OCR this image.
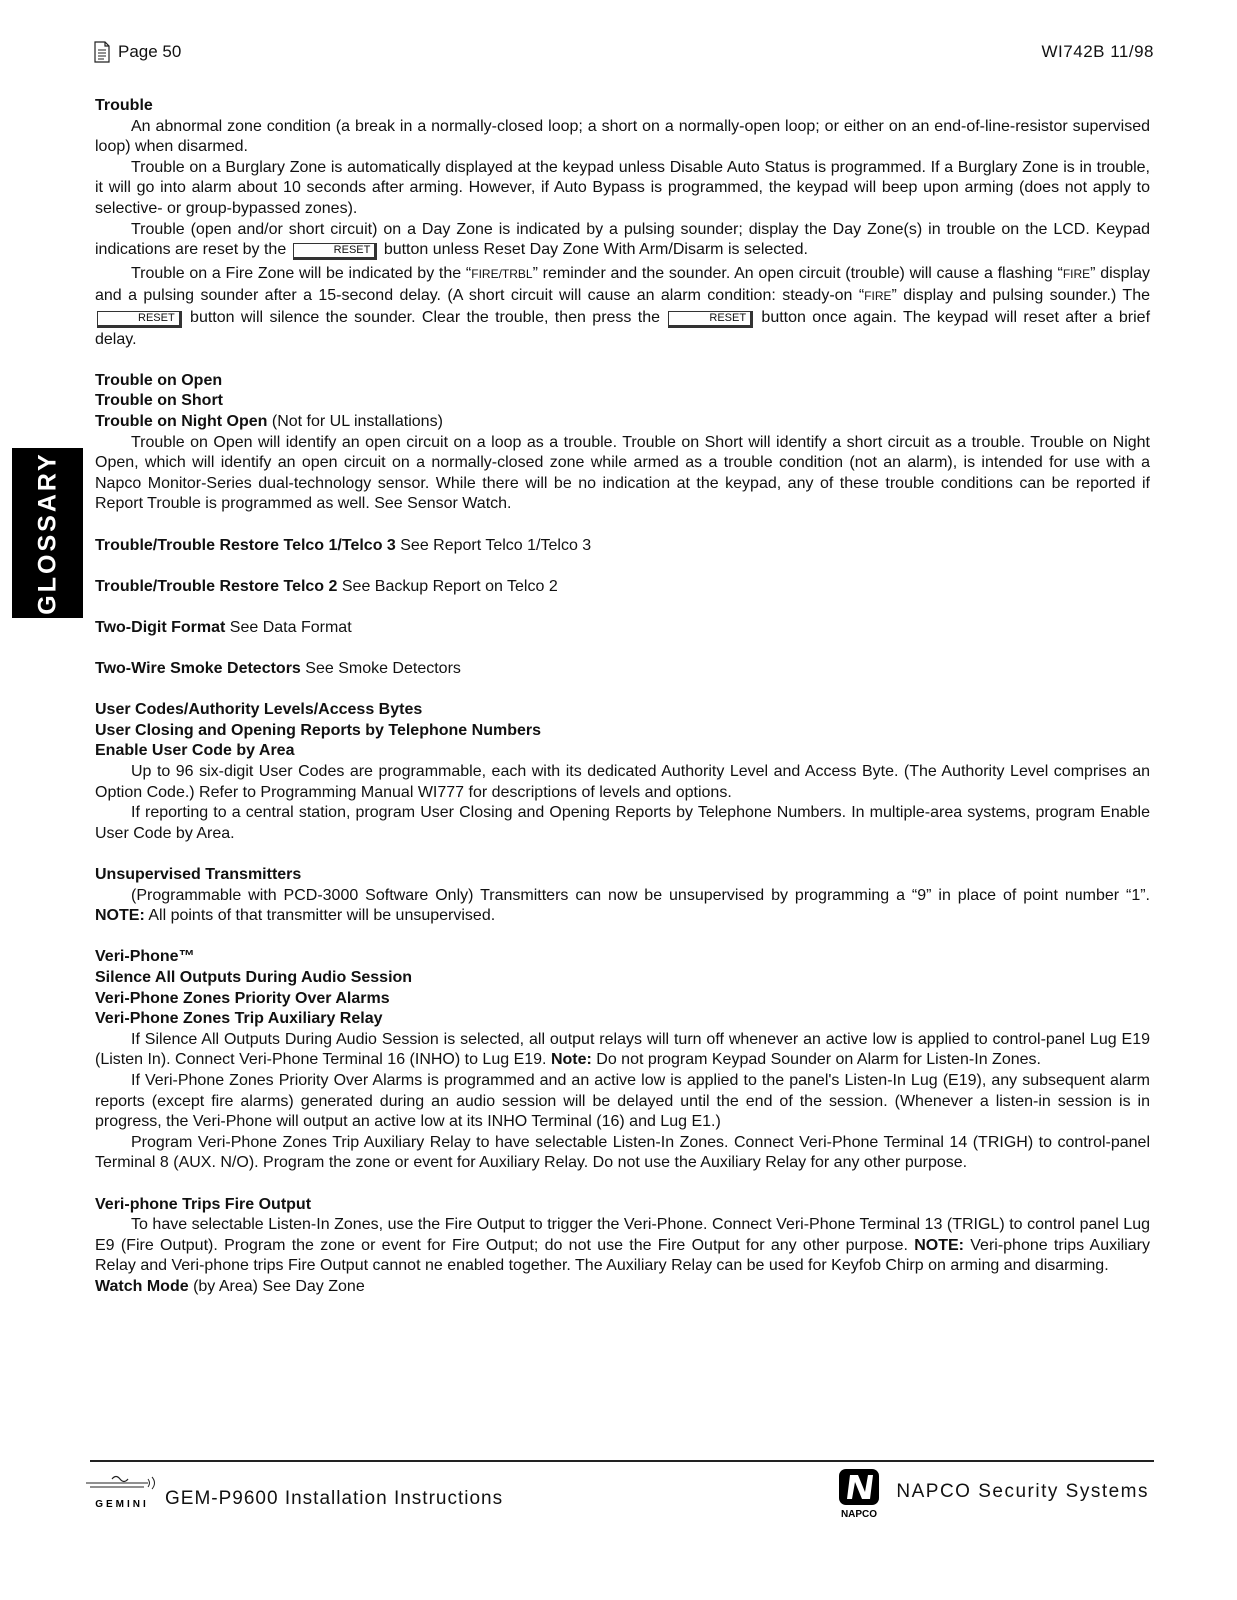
Page 50	WI742B 11/98
GLOSSARY

Trouble

An abnormal zone condition (a break in a normally-closed loop; a short on a normally-open loop; or either on an end-of-line-resistor supervised loop) when disarmed.

Trouble on a Burglary Zone is automatically displayed at the keypad unless Disable Auto Status is programmed. If a Burglary Zone is in trouble, it will go into alarm about 10 seconds after arming. However, if Auto Bypass is programmed, the keypad will beep upon arming (does not apply to selective- or group-bypassed zones).

Trouble (open and/or short circuit) on a Day Zone is indicated by a pulsing sounder; display the Day Zone(s) in trouble on the LCD. Keypad indications are reset by the	RESET button unless Reset Day Zone With Arm/Disarm is selected.

Trouble on a Fire Zone will be indicated by the “FIRE/TRBL” reminder and the sounder. An open circuit (trouble) will cause a flashing “FIRE” display and a pulsing sounder after a 15-second delay. (A short circuit will cause an alarm condition: steady-on “FIRE” display and pulsing sounder.) The RESET button will silence the sounder. Clear the trouble, then press the	RESET button once again. The keypad will reset after a brief delay.

Trouble on Open

Trouble on Short

Trouble on Night Open (Not for UL installations)

Trouble on Open will identify an open circuit on a loop as a trouble. Trouble on Short will identify a short circuit as a trouble. Trouble on Night Open, which will identify an open circuit on a normally-closed zone while armed as a trouble condition (not an alarm), is intended for use with a Napco Monitor-Series dual-technology sensor. While there will be no indication at the keypad, any of these trouble conditions can be reported if Report Trouble is programmed as well. See Sensor Watch.

Trouble/Trouble Restore Telco 1/Telco 3 See Report Telco 1/Telco 3

Trouble/Trouble Restore Telco 2 See Backup Report on Telco 2

Two-Digit Format See Data Format

Two-Wire Smoke Detectors See Smoke Detectors

User Codes/Authority Levels/Access Bytes

User Closing and Opening Reports by Telephone Numbers

Enable User Code by Area

Up to 96 six-digit User Codes are programmable, each with its dedicated Authority Level and Access Byte. (The Authority Level comprises an Option Code.) Refer to Programming Manual WI777 for descriptions of levels and options.

If reporting to a central station, program User Closing and Opening Reports by Telephone Numbers. In multiple-area systems, program Enable User Code by Area.

Unsupervised Transmitters

(Programmable with PCD-3000 Software Only) Transmitters can now be unsupervised by programming a “9” in place of point number “1”. NOTE: All points of that transmitter will be unsupervised.

Veri-Phone™

Silence All Outputs During Audio Session

Veri-Phone Zones Priority Over Alarms

Veri-Phone Zones Trip Auxiliary Relay

If Silence All Outputs During Audio Session is selected, all output relays will turn off whenever an active low is applied to control-panel Lug E19 (Listen In). Connect Veri-Phone Terminal 16 (INHO) to Lug E19. Note: Do not program Keypad Sounder on Alarm for Listen-In Zones.

If Veri-Phone Zones Priority Over Alarms is programmed and an active low is applied to the panel's Listen-In Lug (E19), any subsequent alarm reports (except fire alarms) generated during an audio session will be delayed until the end of the session. (Whenever a listen-in session is in progress, the Veri-Phone will output an active low at its INHO Terminal (16) and Lug E1.)

Program Veri-Phone Zones Trip Auxiliary Relay to have selectable Listen-In Zones. Connect Veri-Phone Terminal 14 (TRIGH) to control-panel Terminal 8 (AUX. N/O). Program the zone or event for Auxiliary Relay. Do not use the Auxiliary Relay for any other purpose.

Veri-phone Trips Fire Output

To have selectable Listen-In Zones, use the Fire Output to trigger the Veri-Phone. Connect Veri-Phone Terminal 13 (TRIGL) to control panel Lug E9 (Fire Output). Program the zone or event for Fire Output; do not use the Fire Output for any other purpose. NOTE: Veri-phone trips Auxiliary Relay and Veri-phone trips Fire Output cannot ne enabled together. The Auxiliary Relay can be used for Keyfob Chirp on arming and disarming.

Watch Mode (by Area) See Day Zone

GEMINI GEM-P9600 Installation Instructions
NAPCO
NAPCO Security Systems
